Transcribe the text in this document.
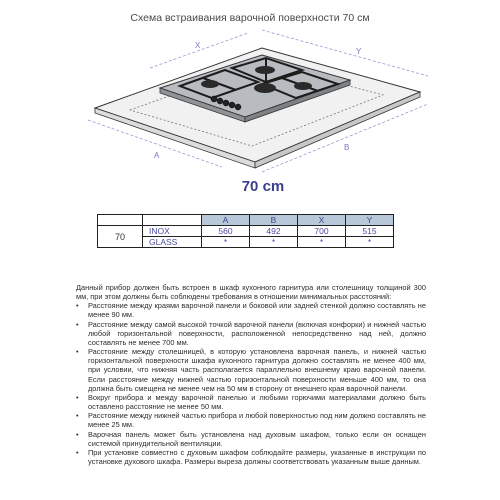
Схема встраивания варочной поверхности 70 см
X
Y
A
B
70 cm
		A	B	X	Y
70	INOX	560	492	700	515
	GLASS	*	*	*	*

Данный прибор должен быть встроен в шкаф кухонного гарнитура или столешницу толщиной 300 мм, при этом должны быть соблюдены требования в отношении минимальных расстояний:

• Расстояние между краями варочной панели и боковой или задней стенкой должно составлять не менее 90 мм.
• Расстояние между самой высокой точкой варочной панели (включая конфорки) и нижней частью любой горизонтальной поверхности, расположенной непосредственно над ней, должно составлять не менее 700 мм.
• Расстояние между столешницей, в которую установлена варочная панель, и нижней частью горизонтальной поверхности шкафа кухонного гарнитура должно составлять не менее 400 мм, при условии, что нижняя часть располагается параллельно внешнему краю варочной панели. Если расстояние между нижней частью горизонтальной поверхности меньше 400 мм, то она должна быть смещена не менее чем на 50 мм в сторону от внешнего края варочной панели.
• Вокруг прибора и между варочной панелью и любыми горючими материалами должно быть оставлено расстояние не менее 50 мм.
• Расстояние между нижней частью прибора и любой поверхностью под ним должно составлять не менее 25 мм.
• Варочная панель может быть установлена над духовым шкафом, только если он оснащен системой принудительной вентиляции.
• При установке совместно с духовым шкафом соблюдайте размеры, указанные в инструкции по установке духового шкафа. Размеры выреза должны соответствовать указанным выше данным.
